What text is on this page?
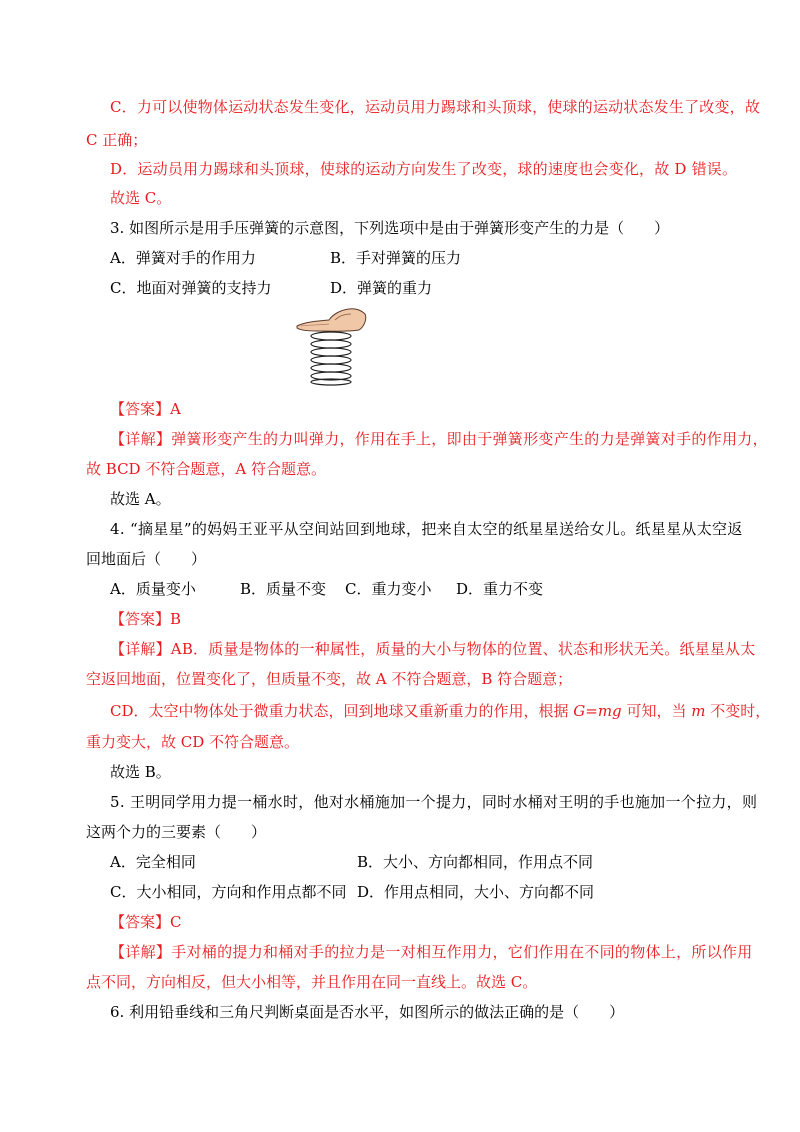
C．力可以使物体运动状态发生变化，运动员用力踢球和头顶球，使球的运动状态发生了改变，故
C 正确；
D．运动员用力踢球和头顶球，使球的运动方向发生了改变，球的速度也会变化，故 D 错误。
故选 C。
3. 如图所示是用手压弹簧的示意图，下列选项中是由于弹簧形变产生的力是（　　）
A．弹簧对手的作用力	B．手对弹簧的压力
C．地面对弹簧的支持力	D．弹簧的重力
【答案】A
【详解】弹簧形变产生的力叫弹力，作用在手上，即由于弹簧形变产生的力是弹簧对手的作用力，
故 BCD 不符合题意，A 符合题意。
故选 A。
4. “摘星星”的妈妈王亚平从空间站回到地球，把来自太空的纸星星送给女儿。纸星星从太空返
回地面后（　　）
A．质量变小	B．质量不变 C．重力变小 D．重力不变
【答案】B
【详解】AB．质量是物体的一种属性，质量的大小与物体的位置、状态和形状无关。纸星星从太
空返回地面，位置变化了，但质量不变，故 A 不符合题意，B 符合题意；
CD．太空中物体处于微重力状态，回到地球又重新重力的作用，根据 G=mg 可知，当 m 不变时，
重力变大，故 CD 不符合题意。
故选 B。
5. 王明同学用力提一桶水时，他对水桶施加一个提力，同时水桶对王明的手也施加一个拉力，则
这两个力的三要素（　　）
A．完全相同	B．大小、方向都相同，作用点不同
C．大小相同，方向和作用点都不同 D．作用点相同，大小、方向都不同
【答案】C
【详解】手对桶的提力和桶对手的拉力是一对相互作用力，它们作用在不同的物体上，所以作用
点不同，方向相反，但大小相等，并且作用在同一直线上。故选 C。
6. 利用铅垂线和三角尺判断桌面是否水平，如图所示的做法正确的是（　　）
